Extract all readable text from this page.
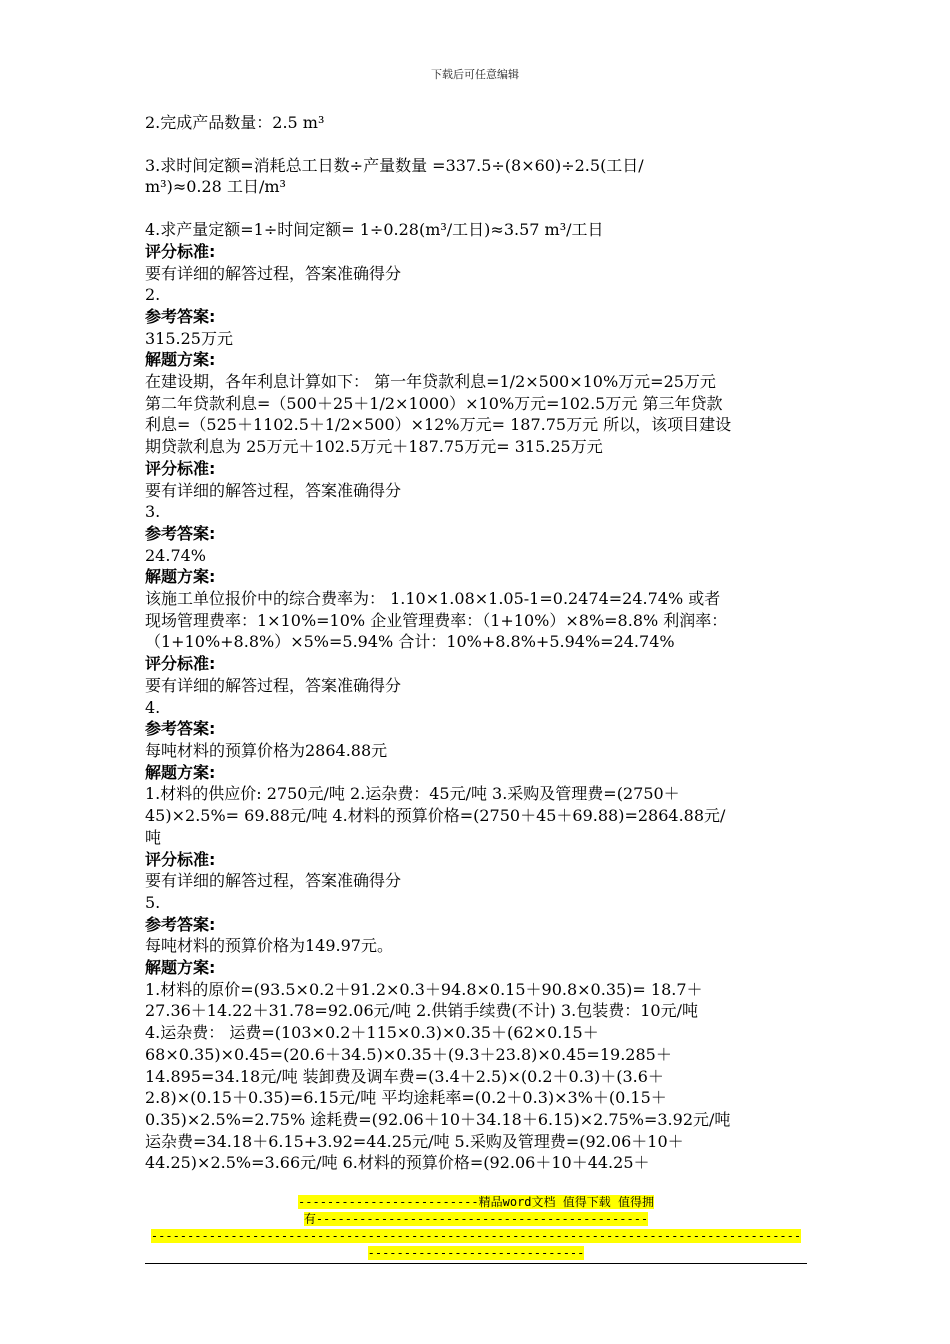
下载后可任意编辑

2.完成产品数量：2.5 m³

3.求时间定额=消耗总工日数÷产量数量 =337.5÷(8×60)÷2.5(工日/

m³)≈0.28 工日/m³

4.求产量定额=1÷时间定额= 1÷0.28(m³/工日)≈3.57 m³/工日

评分标准:

要有详细的解答过程，答案准确得分

2.

参考答案:

315.25万元

解题方案:

在建设期，各年利息计算如下： 第一年贷款利息=1/2×500×10%万元=25万元

第二年贷款利息=（500＋25＋1/2×1000）×10%万元=102.5万元 第三年贷款

利息=（525＋1102.5＋1/2×500）×12%万元= 187.75万元 所以，该项目建设

期贷款利息为 25万元＋102.5万元＋187.75万元= 315.25万元

评分标准:

要有详细的解答过程，答案准确得分

3.

参考答案:

24.74%

解题方案:

该施工单位报价中的综合费率为： 1.10×1.08×1.05-1=0.2474=24.74% 或者

现场管理费率：1×10%=10% 企业管理费率：（1+10%）×8%=8.8% 利润率：

（1+10%+8.8%）×5%=5.94% 合计：10%+8.8%+5.94%=24.74%

评分标准:

要有详细的解答过程，答案准确得分

4.

参考答案:

每吨材料的预算价格为2864.88元

解题方案:

1.材料的供应价: 2750元/吨 2.运杂费：45元/吨 3.采购及管理费=(2750＋

45)×2.5%= 69.88元/吨 4.材料的预算价格=(2750＋45＋69.88)=2864.88元/

吨

评分标准:

要有详细的解答过程，答案准确得分

5.

参考答案:

每吨材料的预算价格为149.97元。

解题方案:

1.材料的原价=(93.5×0.2＋91.2×0.3＋94.8×0.15＋90.8×0.35)= 18.7＋

27.36＋14.22＋31.78=92.06元/吨 2.供销手续费(不计) 3.包装费：10元/吨

4.运杂费： 运费=(103×0.2＋115×0.3)×0.35＋(62×0.15＋

68×0.35)×0.45=(20.6＋34.5)×0.35＋(9.3＋23.8)×0.45=19.285＋

14.895=34.18元/吨 装卸费及调车费=(3.4＋2.5)×(0.2＋0.3)＋(3.6＋

2.8)×(0.15＋0.35)=6.15元/吨 平均途耗率=(0.2＋0.3)×3%＋(0.15＋

0.35)×2.5%=2.75% 途耗费=(92.06＋10＋34.18＋6.15)×2.75%=3.92元/吨

运杂费=34.18＋6.15+3.92=44.25元/吨 5.采购及管理费=(92.06＋10＋

44.25)×2.5%=3.66元/吨 6.材料的预算价格=(92.06＋10＋44.25＋

-------------------------精品word文档 值得下载 值得拥
有----------------------------------------------
------------------------------------------------------------------------------------------
------------------------------
